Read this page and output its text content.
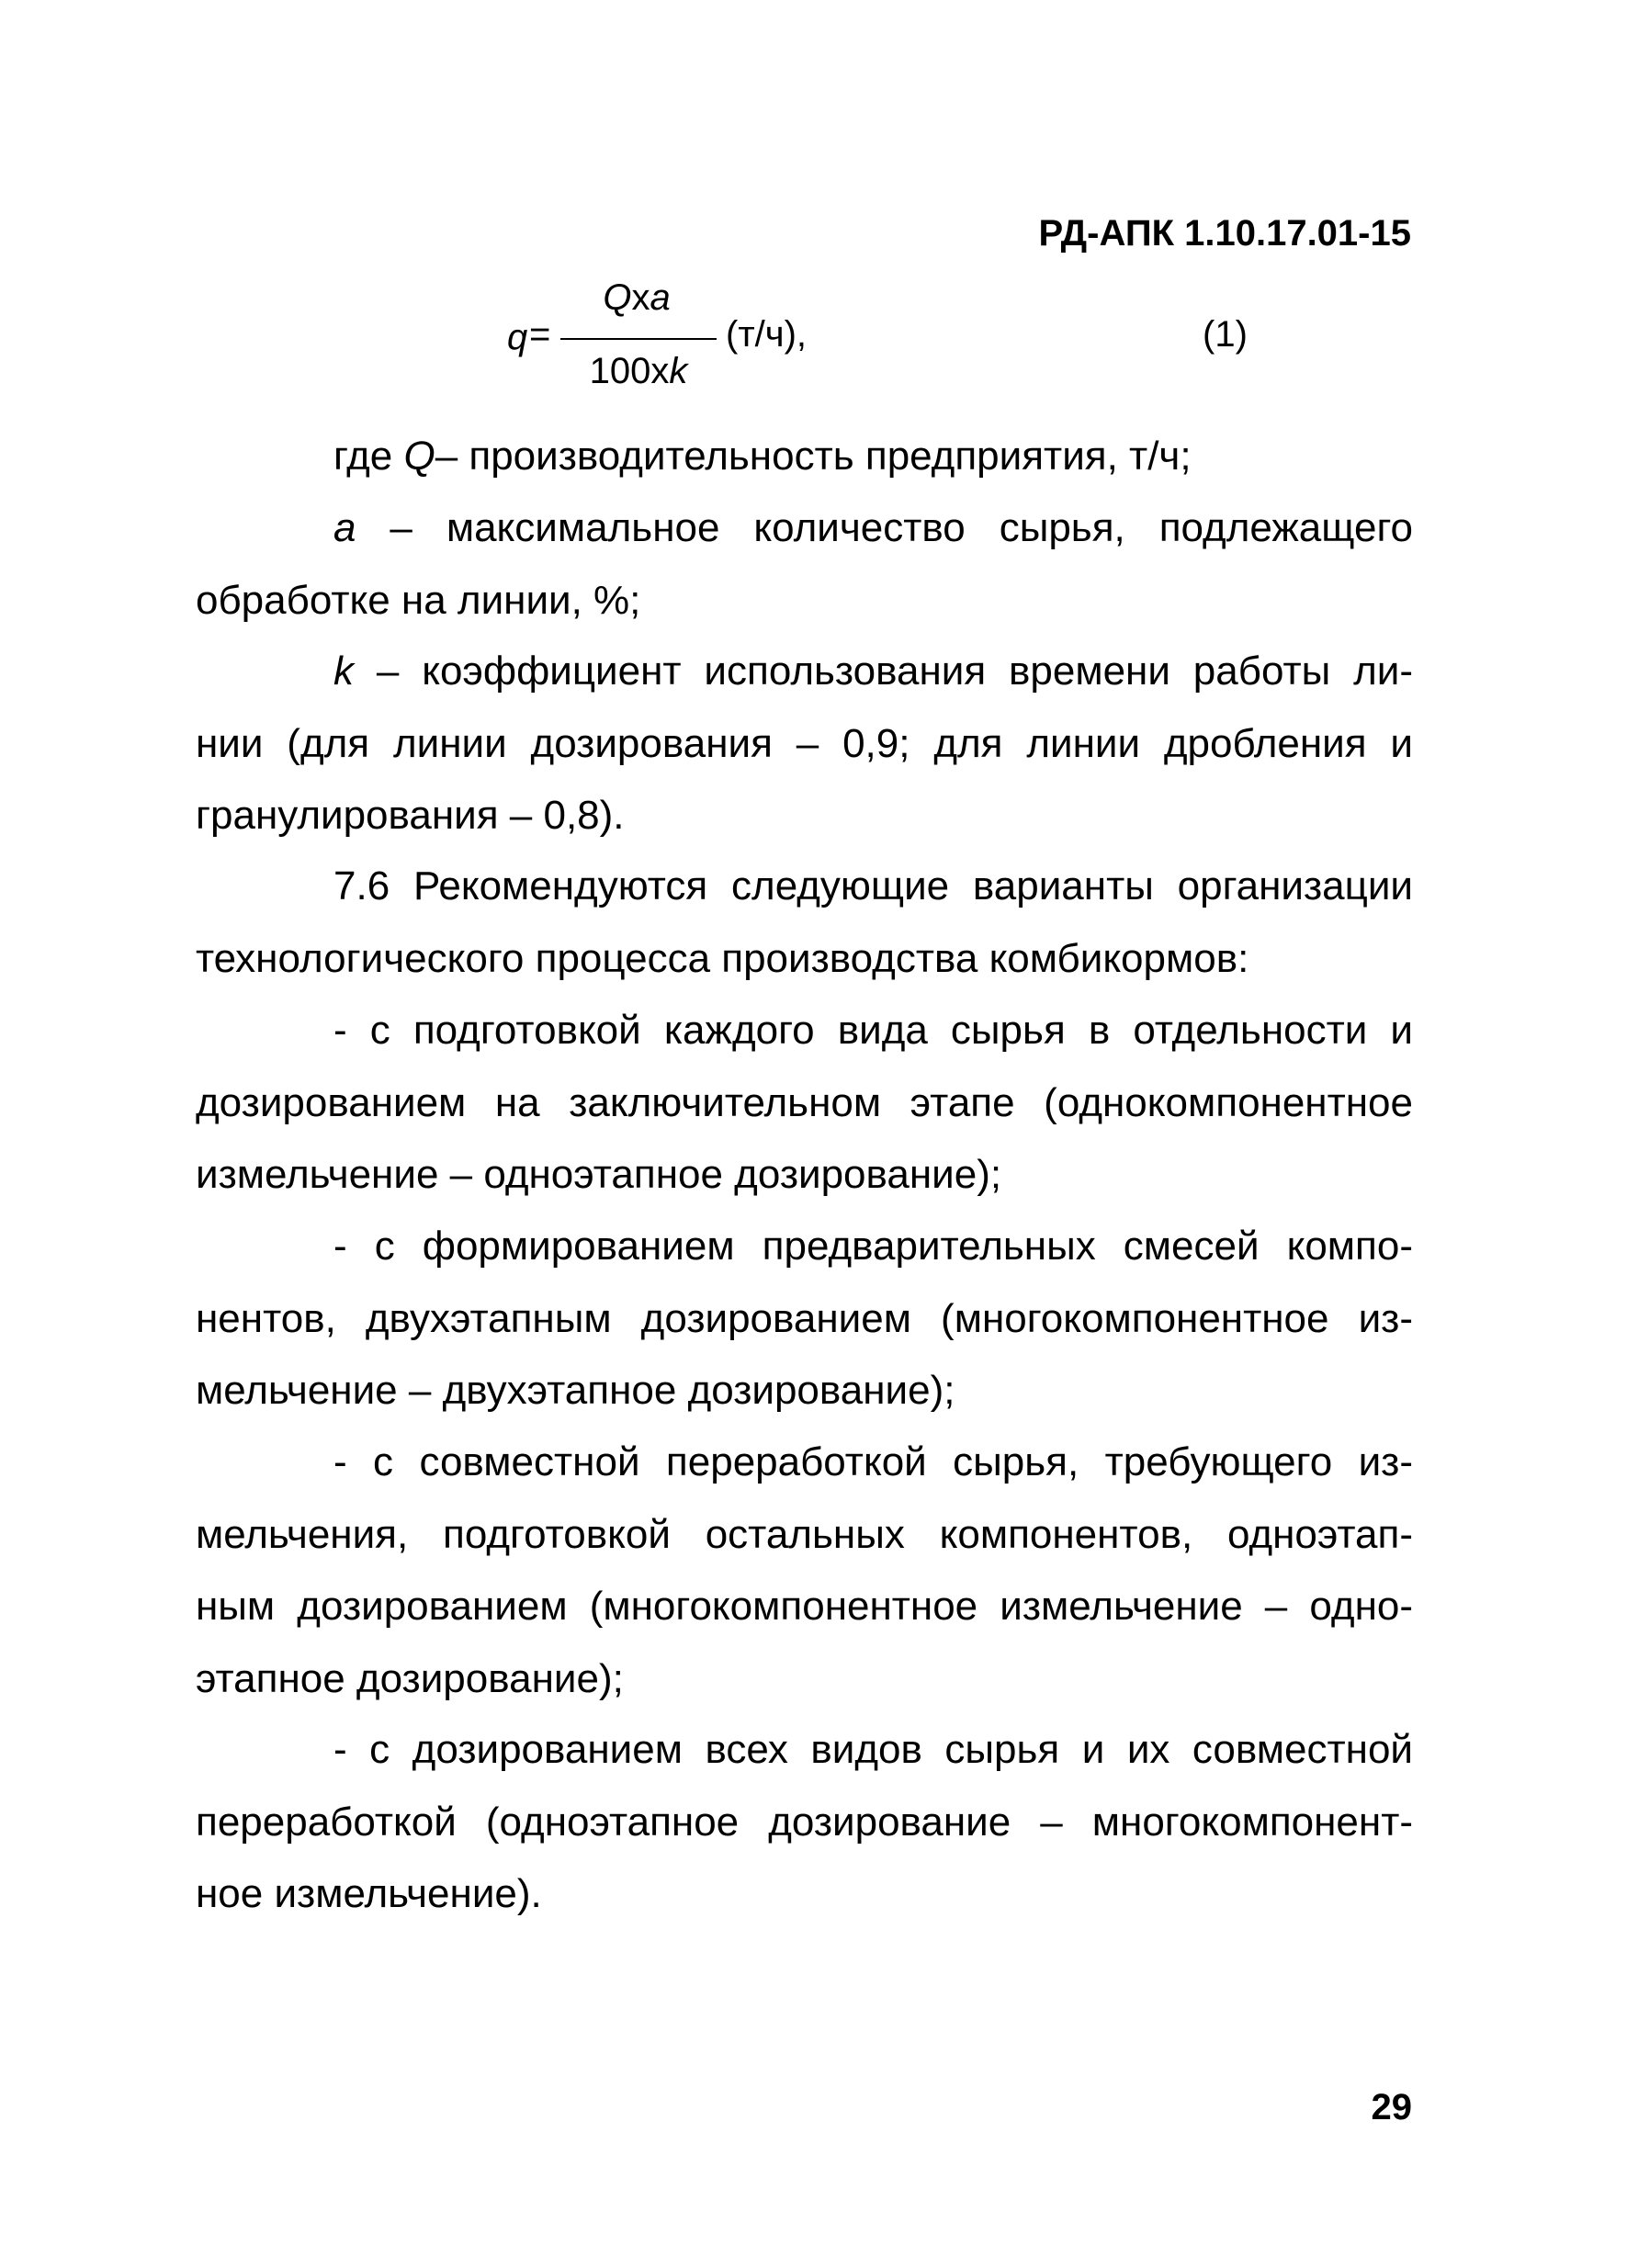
РД-АПК 1.10.17.01-15
q =
Qxa
100xk
(т/ч),	(1)

где Q– производительность предприятия, т/ч;

a – максимальное количество сырья, подлежащего
обработке на линии, %;

k – коэффициент использования времени работы ли-
нии (для линии дозирования – 0,9; для линии дробления и
гранулирования – 0,8).

7.6 Рекомендуются следующие варианты организации
технологического процесса производства комбикормов:

- с подготовкой каждого вида сырья в отдельности и
дозированием на заключительном этапе (однокомпонентное
измельчение – одноэтапное дозирование);

- с формированием предварительных смесей компо-
нентов, двухэтапным дозированием (многокомпонентное из-
мельчение – двухэтапное дозирование);

- с совместной переработкой сырья, требующего из-
мельчения, подготовкой остальных компонентов, одноэтап-
ным дозированием (многокомпонентное измельчение – одно-
этапное дозирование);

- с дозированием всех видов сырья и их совместной
переработкой (одноэтапное дозирование – многокомпонент-
ное измельчение).

29
